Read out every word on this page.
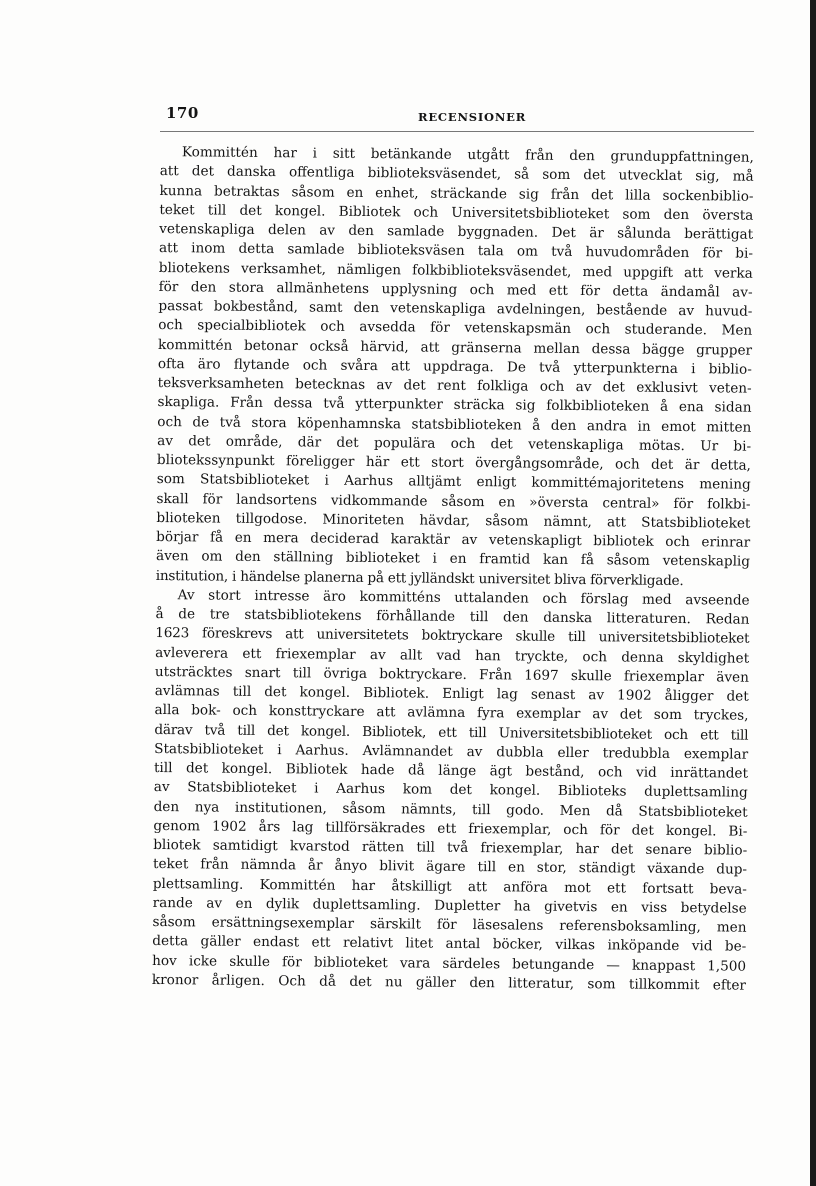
170	RECENSIONER
Kommittén har i sitt betänkande utgått från den grunduppfattningen,
att det danska offentliga biblioteksväsendet, så som det utvecklat sig, må
kunna betraktas såsom en enhet, sträckande sig från det lilla sockenbiblio-
teket till det kongel. Bibliotek och Universitetsbiblioteket som den översta
vetenskapliga delen av den samlade byggnaden. Det är sålunda berättigat
att inom detta samlade biblioteksväsen tala om två huvudområden för bi-
bliotekens verksamhet, nämligen folkbiblioteksväsendet, med uppgift att verka
för den stora allmänhetens upplysning och med ett för detta ändamål av-
passat bokbestånd, samt den vetenskapliga avdelningen, bestående av huvud-
och specialbibliotek och avsedda för vetenskapsmän och studerande. Men
kommittén betonar också härvid, att gränserna mellan dessa bägge grupper
ofta äro flytande och svåra att uppdraga. De två ytterpunkterna i biblio-
teksverksamheten betecknas av det rent folkliga och av det exklusivt veten-
skapliga. Från dessa två ytterpunkter sträcka sig folkbiblioteken å ena sidan
och de två stora köpenhamnska statsbiblioteken å den andra in emot mitten
av det område, där det populära och det vetenskapliga mötas. Ur bi-
bliotekssynpunkt föreligger här ett stort övergångsområde, och det är detta,
som Statsbiblioteket i Aarhus alltjämt enligt kommittémajoritetens mening
skall för landsortens vidkommande såsom en »översta central» för folkbi-
blioteken tillgodose. Minoriteten hävdar, såsom nämnt, att Statsbiblioteket
börjar få en mera deciderad karaktär av vetenskapligt bibliotek och erinrar
även om den ställning biblioteket i en framtid kan få såsom vetenskaplig
institution, i händelse planerna på ett jylländskt universitet bliva förverkligade.
Av stort intresse äro kommitténs uttalanden och förslag med avseende
å de tre statsbibliotekens förhållande till den danska litteraturen. Redan
1623 föreskrevs att universitetets boktryckare skulle till universitetsbiblioteket
avleverera ett friexemplar av allt vad han tryckte, och denna skyldighet
utsträcktes snart till övriga boktryckare. Från 1697 skulle friexemplar även
avlämnas till det kongel. Bibliotek. Enligt lag senast av 1902 åligger det
alla bok- och konsttryckare att avlämna fyra exemplar av det som tryckes,
därav två till det kongel. Bibliotek, ett till Universitetsbiblioteket och ett till
Statsbiblioteket i Aarhus. Avlämnandet av dubbla eller tredubbla exemplar
till det kongel. Bibliotek hade då länge ägt bestånd, och vid inrättandet
av Statsbiblioteket i Aarhus kom det kongel. Biblioteks duplettsamling
den nya institutionen, såsom nämnts, till godo. Men då Statsbiblioteket
genom 1902 års lag tillförsäkrades ett friexemplar, och för det kongel. Bi-
bliotek samtidigt kvarstod rätten till två friexemplar, har det senare biblio-
teket från nämnda år ånyo blivit ägare till en stor, ständigt växande dup-
plettsamling. Kommittén har åtskilligt att anföra mot ett fortsatt beva-
rande av en dylik duplettsamling. Dupletter ha givetvis en viss betydelse
såsom ersättningsexemplar särskilt för läsesalens referensboksamling, men
detta gäller endast ett relativt litet antal böcker, vilkas inköpande vid be-
hov icke skulle för biblioteket vara särdeles betungande — knappast 1,500
kronor årligen. Och då det nu gäller den litteratur, som tillkommit efter
